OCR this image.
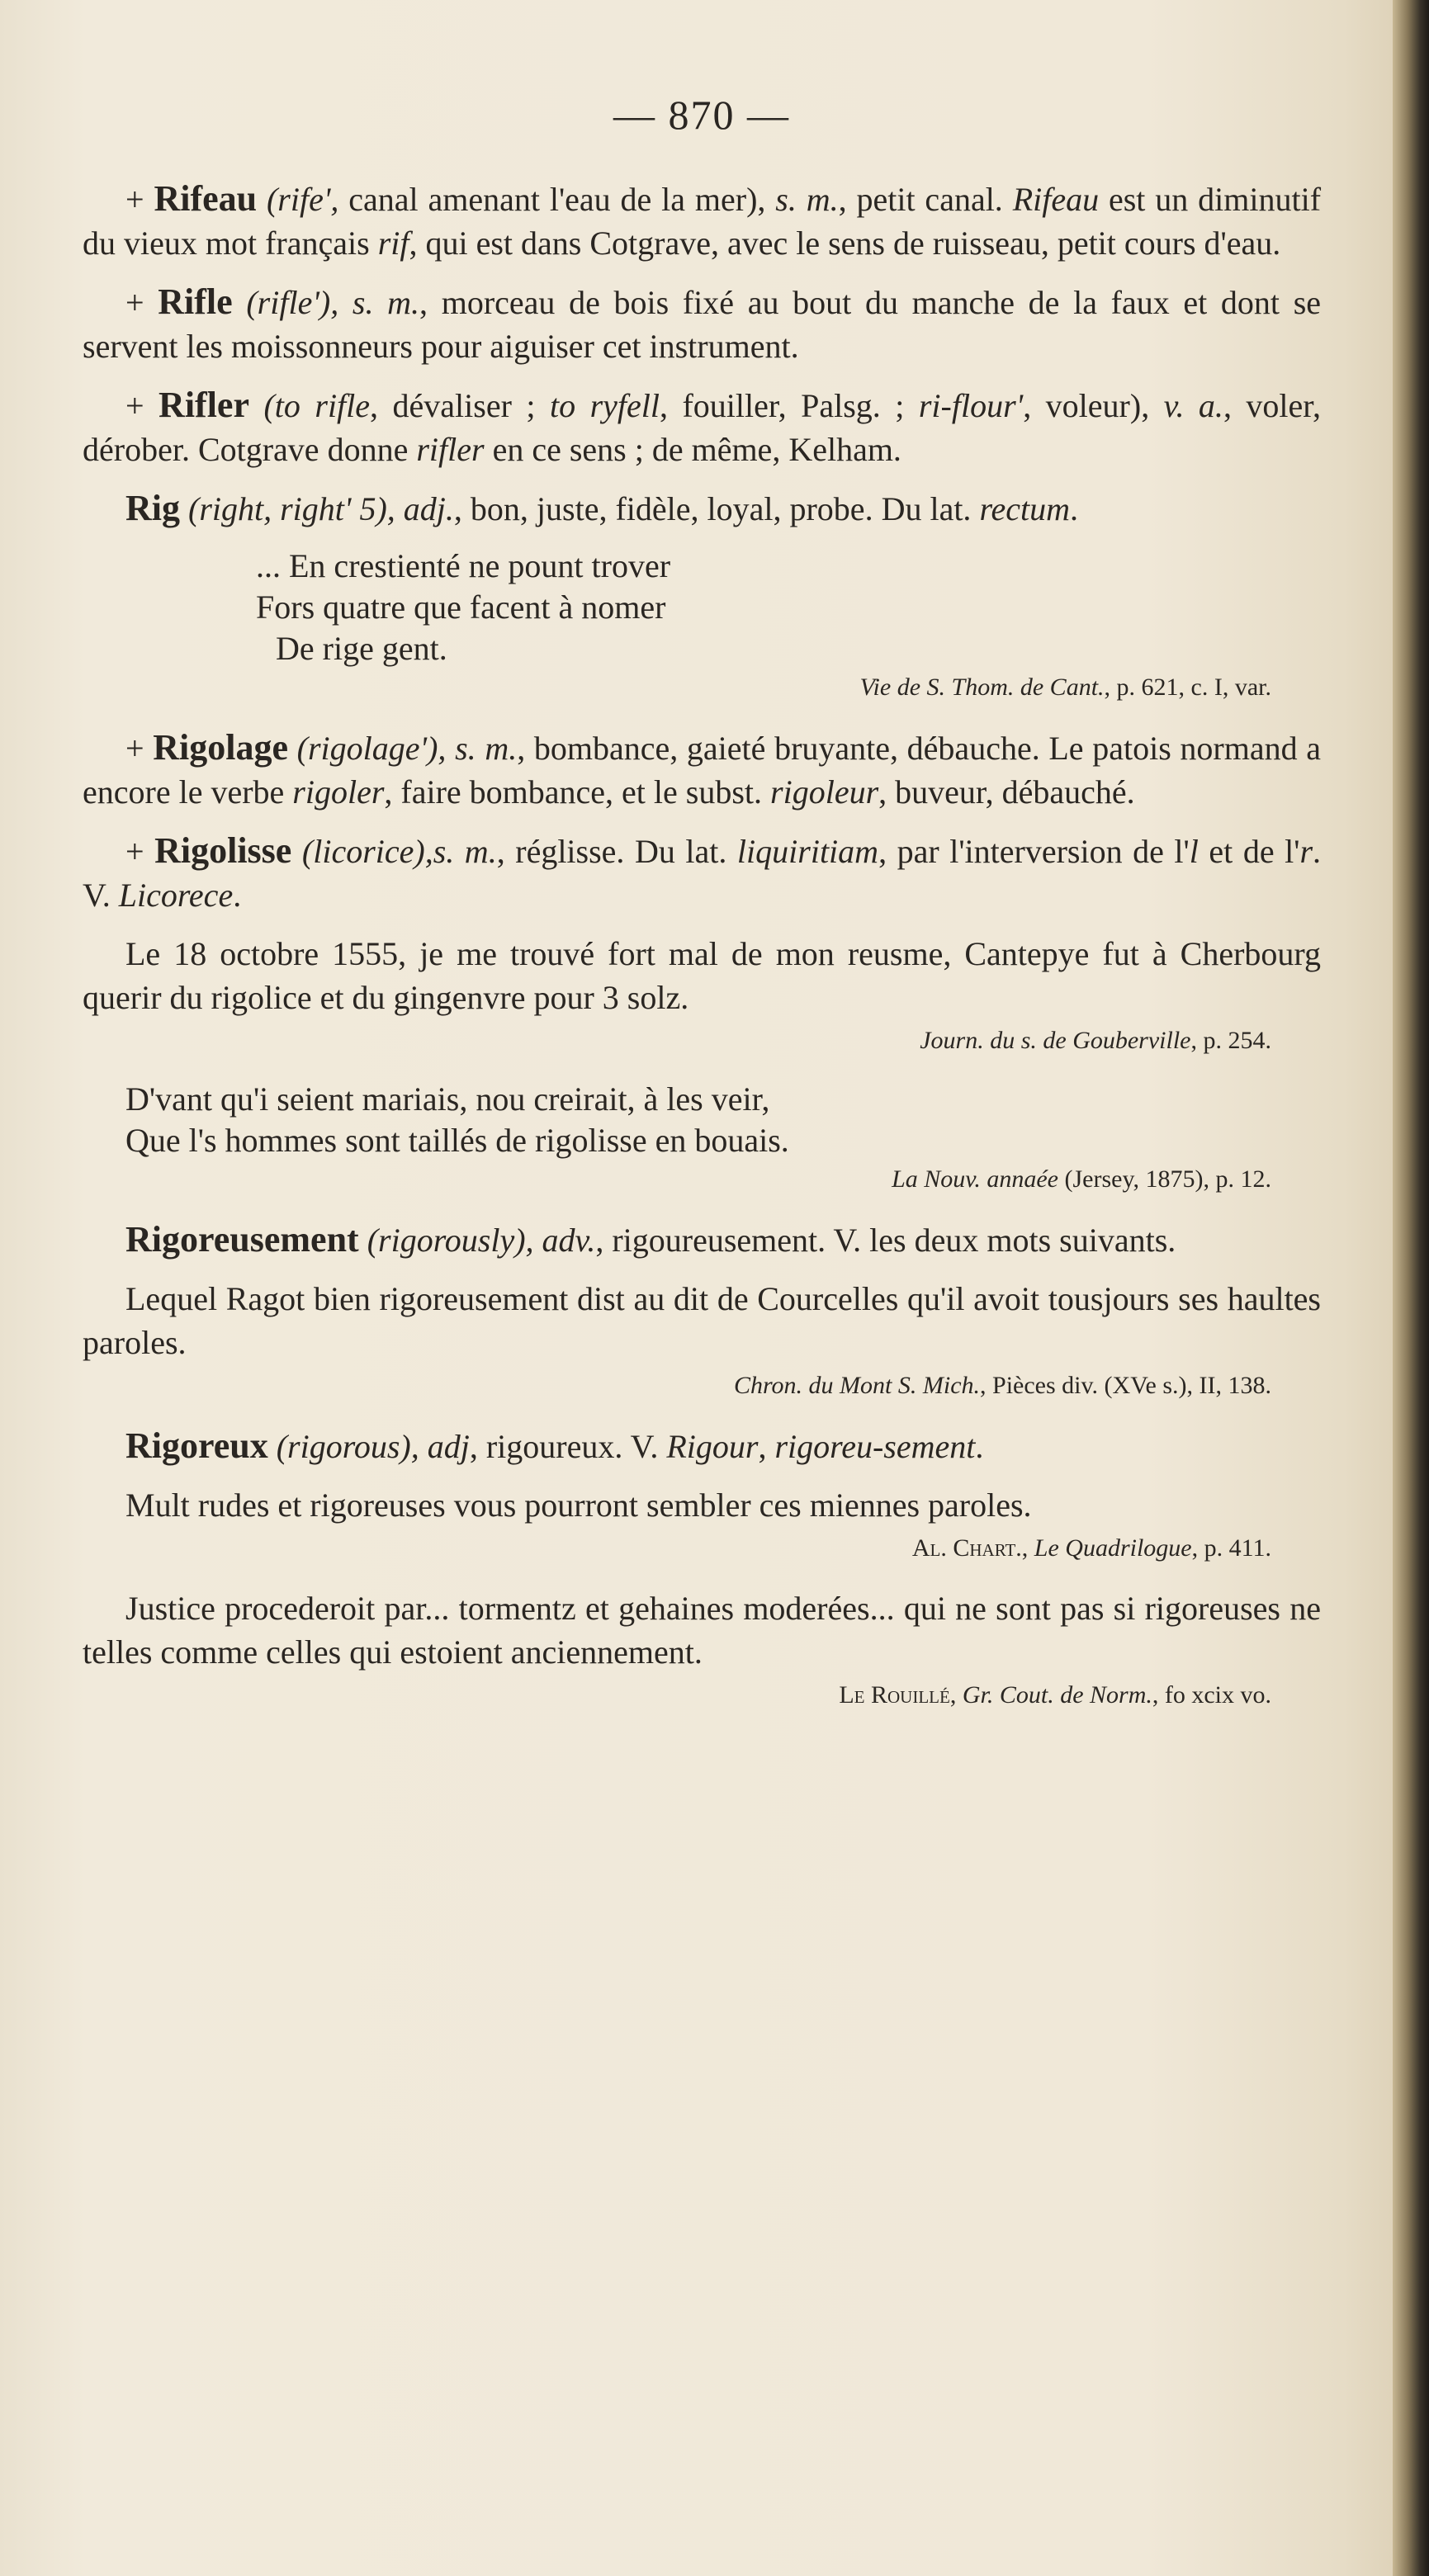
— 870 —

+ Rifeau (rife', canal amenant l'eau de la mer), s. m., petit canal. Rifeau est un diminutif du vieux mot français rif, qui est dans Cotgrave, avec le sens de ruisseau, petit cours d'eau.

+ Rifle (rifle'), s. m., morceau de bois fixé au bout du manche de la faux et dont se servent les moissonneurs pour aiguiser cet instrument.

+ Rifler (to rifle, dévaliser ; to ryfell, fouiller, Palsg. ; ri-flour', voleur), v. a., voler, dérober. Cotgrave donne rifler en ce sens ; de même, Kelham.

Rig (right, right' 5), adj., bon, juste, fidèle, loyal, probe. Du lat. rectum.

... En crestienté ne pount trover
Fors quatre que facent à nomer
De rige gent.
Vie de S. Thom. de Cant., p. 621, c. I, var.

+ Rigolage (rigolage'), s. m., bombance, gaieté bruyante, débauche. Le patois normand a encore le verbe rigoler, faire bombance, et le subst. rigoleur, buveur, débauché.

+ Rigolisse (licorice),s. m., réglisse. Du lat. liquiritiam, par l'interversion de l'l et de l'r. V. Licorece.

Le 18 octobre 1555, je me trouvé fort mal de mon reusme, Cantepye fut à Cherbourg querir du rigolice et du gingenvre pour 3 solz.

Journ. du s. de Gouberville, p. 254.
D'vant qu'i seient mariais, nou creirait, à les veir,
Que l's hommes sont taillés de rigolisse en bouais.
La Nouv. annaée (Jersey, 1875), p. 12.

Rigoreusement (rigorously), adv., rigoureusement. V. les deux mots suivants.

Lequel Ragot bien rigoreusement dist au dit de Courcelles qu'il avoit tousjours ses haultes paroles.

Chron. du Mont S. Mich., Pièces div. (XVe s.), II, 138.

Rigoreux (rigorous), adj, rigoureux. V. Rigour, rigoreu-sement.

Mult rudes et rigoreuses vous pourront sembler ces miennes paroles.

Al. Chart., Le Quadrilogue, p. 411.

Justice procederoit par... tormentz et gehaines moderées... qui ne sont pas si rigoreuses ne telles comme celles qui estoient anciennement.

Le Rouillé, Gr. Cout. de Norm., fo xcix vo.
